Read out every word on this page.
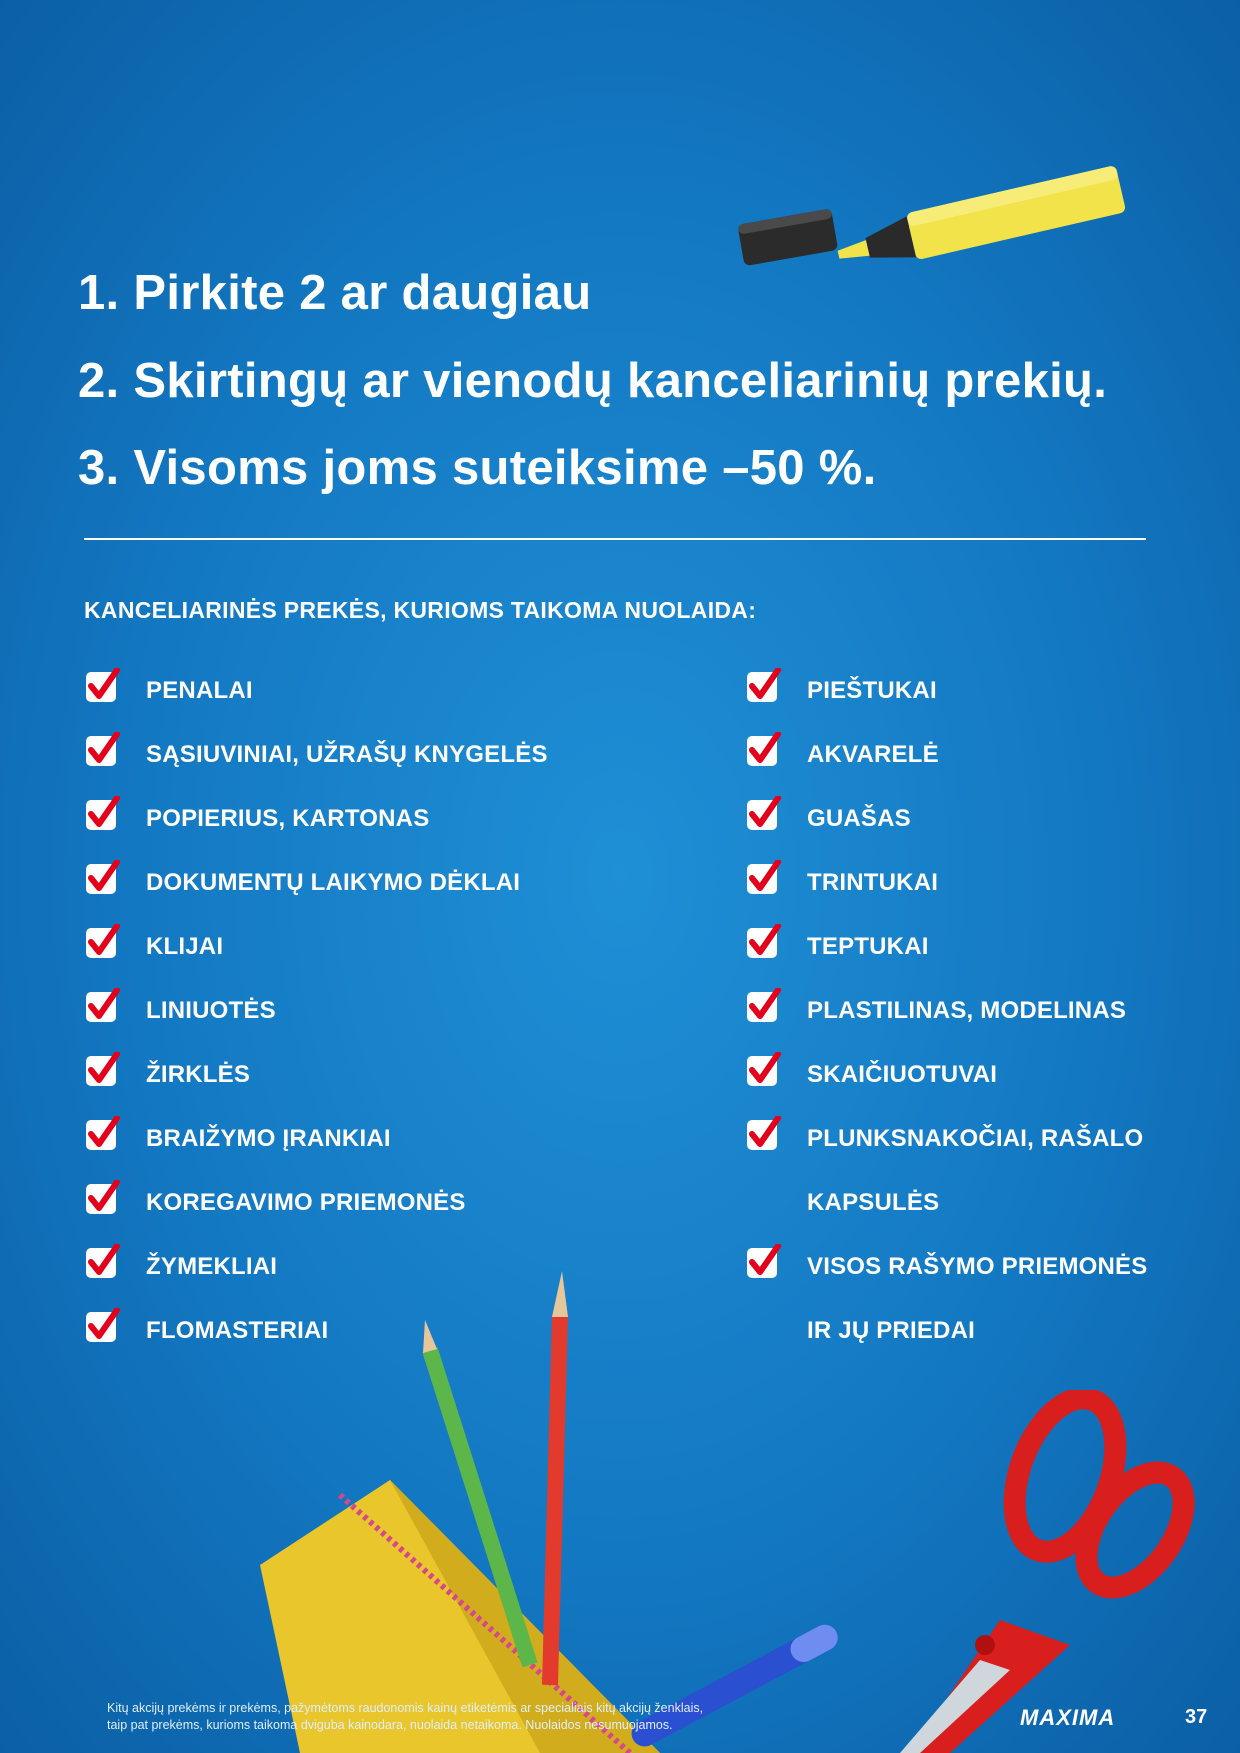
1. Pirkite 2 ar daugiau
2. Skirtingų ar vienodų kanceliarinių prekių.
3. Visoms joms suteiksime –50 %.
KANCELIARINĖS PREKĖS, KURIOMS TAIKOMA NUOLAIDA:
PENALAI
SĄSIUVINIAI, UŽRAŠŲ KNYGELĖS
POPIERIUS, KARTONAS
DOKUMENTŲ LAIKYMO DĖKLAI
KLIJAI
LINIUOTĖS
ŽIRKLĖS
BRAIŽYMO ĮRANKIAI
KOREGAVIMO PRIEMONĖS
ŽYMEKLIAI
FLOMASTERIAI
PIEŠTUKAI
AKVARELĖ
GUAŠAS
TRINTUKAI
TEPTUKAI
PLASTILINAS, MODELINAS
SKAIČIUOTUVAI
PLUNKSNAKOČIAI, RAŠALO
KAPSULĖS
VISOS RAŠYMO PRIEMONĖS
IR JŲ PRIEDAI
Kitų akcijų prekėms ir prekėms, pažymėtoms raudonomis kainų etiketėmis ar specialiais kitų akcijų ženklais,
taip pat prekėms, kurioms taikoma dviguba kainodara, nuolaida netaikoma. Nuolaidos nesumuojamos.	MAXIMA	37
